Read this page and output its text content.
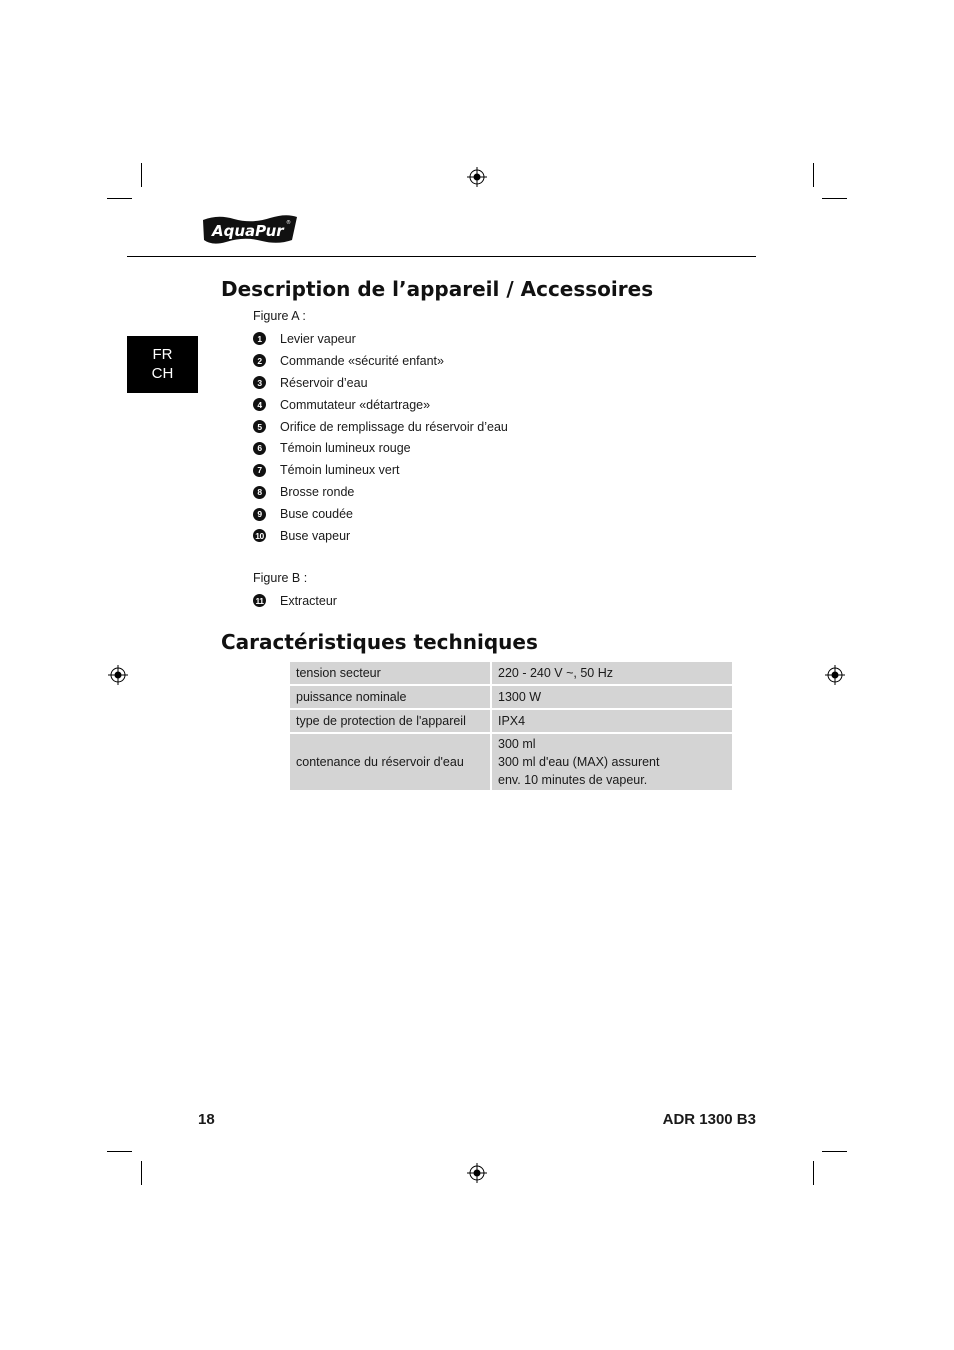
AquaPur ®
FR
CH
Description de l’appareil / Accessoires
Figure A :
1	Levier vapeur
2	Commande «sécurité enfant»
3	Réservoir d’eau
4	Commutateur «détartrage»
5	Orifice de remplissage du réservoir d’eau
6	Témoin lumineux rouge
7	Témoin lumineux vert
8	Brosse ronde
9	Buse coudée
10 Buse vapeur
Figure B :
11 Extracteur
Caractéristiques techniques
tension secteur	220 - 240 V ~, 50 Hz
puissance nominale	1300 W
type de protection de l'appareil	IPX4
contenance du réservoir d'eau	300 ml
300 ml d'eau (MAX) assurent
env. 10 minutes de vapeur.
18	ADR 1300 B3
